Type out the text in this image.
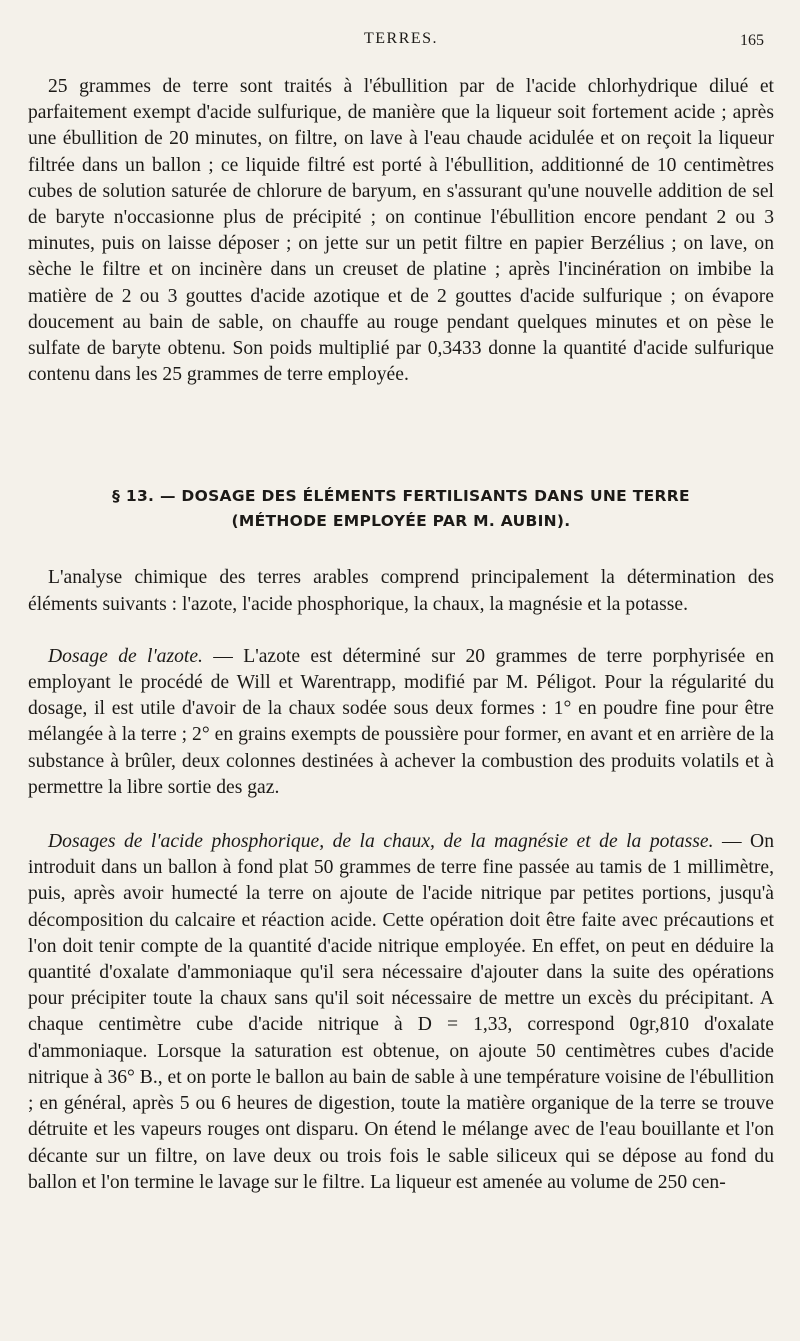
TERRES.	165

25 grammes de terre sont traités à l'ébullition par de l'acide chlorhydrique dilué et parfaitement exempt d'acide sulfurique, de manière que la liqueur soit fortement acide ; après une ébullition de 20 minutes, on filtre, on lave à l'eau chaude acidulée et on reçoit la liqueur filtrée dans un ballon ; ce liquide filtré est porté à l'ébullition, additionné de 10 centimètres cubes de solution saturée de chlorure de baryum, en s'assurant qu'une nouvelle addition de sel de baryte n'occasionne plus de précipité ; on continue l'ébullition encore pendant 2 ou 3 minutes, puis on laisse déposer ; on jette sur un petit filtre en papier Berzélius ; on lave, on sèche le filtre et on incinère dans un creuset de platine ; après l'incinération on imbibe la matière de 2 ou 3 gouttes d'acide azotique et de 2 gouttes d'acide sulfurique ; on évapore doucement au bain de sable, on chauffe au rouge pendant quelques minutes et on pèse le sulfate de baryte obtenu. Son poids multiplié par 0,3433 donne la quantité d'acide sulfurique contenu dans les 25 grammes de terre employée.

§ 13. — DOSAGE DES ÉLÉMENTS FERTILISANTS DANS UNE TERRE
(MÉTHODE EMPLOYÉE PAR M. AUBIN).

L'analyse chimique des terres arables comprend principalement la détermination des éléments suivants : l'azote, l'acide phosphorique, la chaux, la magnésie et la potasse.

Dosage de l'azote. — L'azote est déterminé sur 20 grammes de terre porphyrisée en employant le procédé de Will et Warentrapp, modifié par M. Péligot. Pour la régularité du dosage, il est utile d'avoir de la chaux sodée sous deux formes : 1° en poudre fine pour être mélangée à la terre ; 2° en grains exempts de poussière pour former, en avant et en arrière de la substance à brûler, deux colonnes destinées à achever la combustion des produits volatils et à permettre la libre sortie des gaz.

Dosages de l'acide phosphorique, de la chaux, de la magnésie et de la potasse. — On introduit dans un ballon à fond plat 50 grammes de terre fine passée au tamis de 1 millimètre, puis, après avoir humecté la terre on ajoute de l'acide nitrique par petites portions, jusqu'à décomposition du calcaire et réaction acide. Cette opération doit être faite avec précautions et l'on doit tenir compte de la quantité d'acide nitrique employée. En effet, on peut en déduire la quantité d'oxalate d'ammoniaque qu'il sera nécessaire d'ajouter dans la suite des opérations pour précipiter toute la chaux sans qu'il soit nécessaire de mettre un excès du précipitant. A chaque centimètre cube d'acide nitrique à D = 1,33, correspond 0gr,810 d'oxalate d'ammoniaque. Lorsque la saturation est obtenue, on ajoute 50 centimètres cubes d'acide nitrique à 36° B., et on porte le ballon au bain de sable à une température voisine de l'ébullition ; en général, après 5 ou 6 heures de digestion, toute la matière organique de la terre se trouve détruite et les vapeurs rouges ont disparu. On étend le mélange avec de l'eau bouillante et l'on décante sur un filtre, on lave deux ou trois fois le sable siliceux qui se dépose au fond du ballon et l'on termine le lavage sur le filtre. La liqueur est amenée au volume de 250 cen-
